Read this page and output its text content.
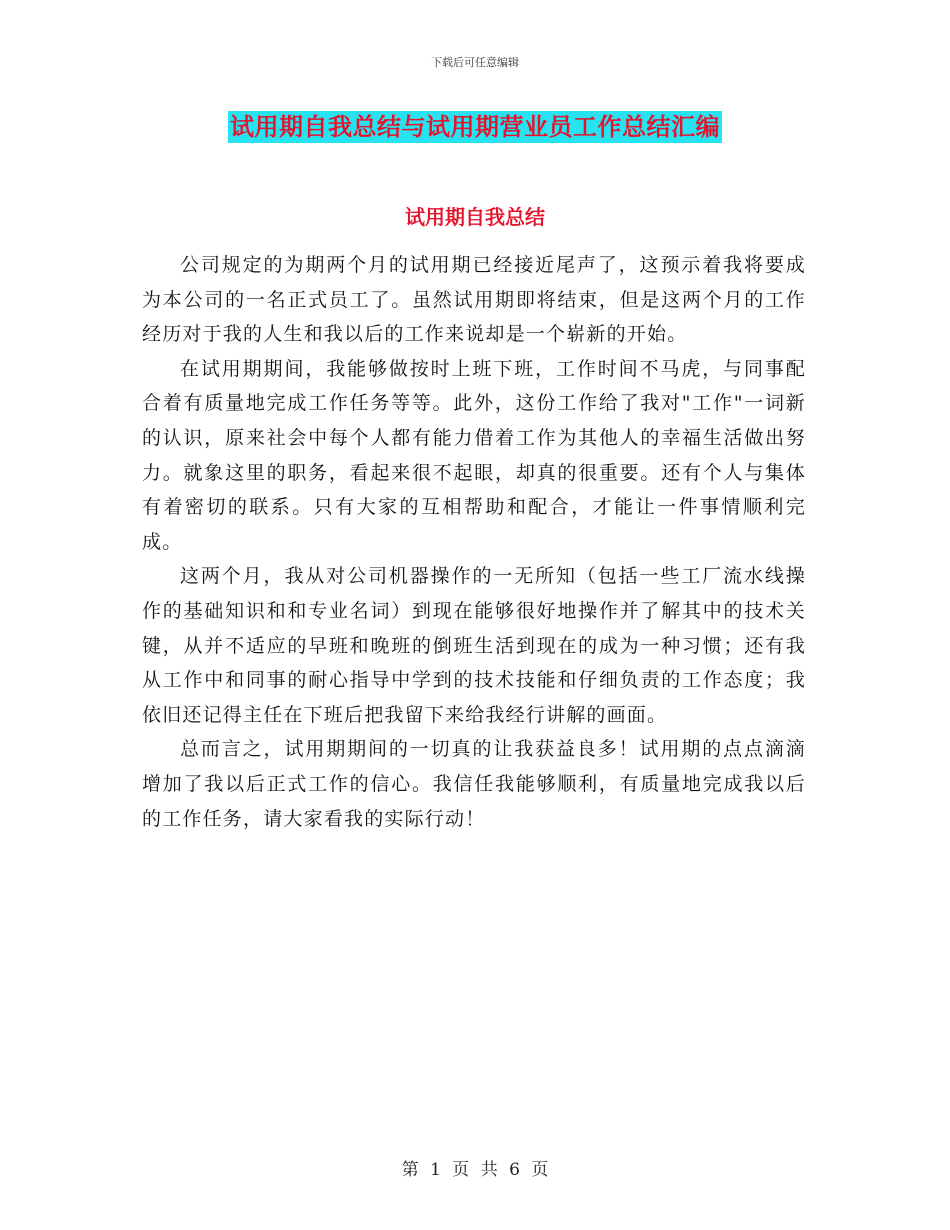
下载后可任意编辑
试用期自我总结与试用期营业员工作总结汇编
试用期自我总结

公司规定的为期两个月的试用期已经接近尾声了，这预示着我将要成为本公司的一名正式员工了。虽然试用期即将结束，但是这两个月的工作经历对于我的人生和我以后的工作来说却是一个崭新的开始。

在试用期期间，我能够做按时上班下班，工作时间不马虎，与同事配合着有质量地完成工作任务等等。此外，这份工作给了我对"工作"一词新的认识，原来社会中每个人都有能力借着工作为其他人的幸福生活做出努力。就象这里的职务，看起来很不起眼，却真的很重要。还有个人与集体有着密切的联系。只有大家的互相帮助和配合，才能让一件事情顺利完成。

这两个月，我从对公司机器操作的一无所知（包括一些工厂流水线操作的基础知识和和专业名词）到现在能够很好地操作并了解其中的技术关键，从并不适应的早班和晚班的倒班生活到现在的成为一种习惯；还有我从工作中和同事的耐心指导中学到的技术技能和仔细负责的工作态度；我依旧还记得主任在下班后把我留下来给我经行讲解的画面。

总而言之，试用期期间的一切真的让我获益良多！试用期的点点滴滴增加了我以后正式工作的信心。我信任我能够顺利，有质量地完成我以后的工作任务，请大家看我的实际行动！

第 1 页 共 6 页
